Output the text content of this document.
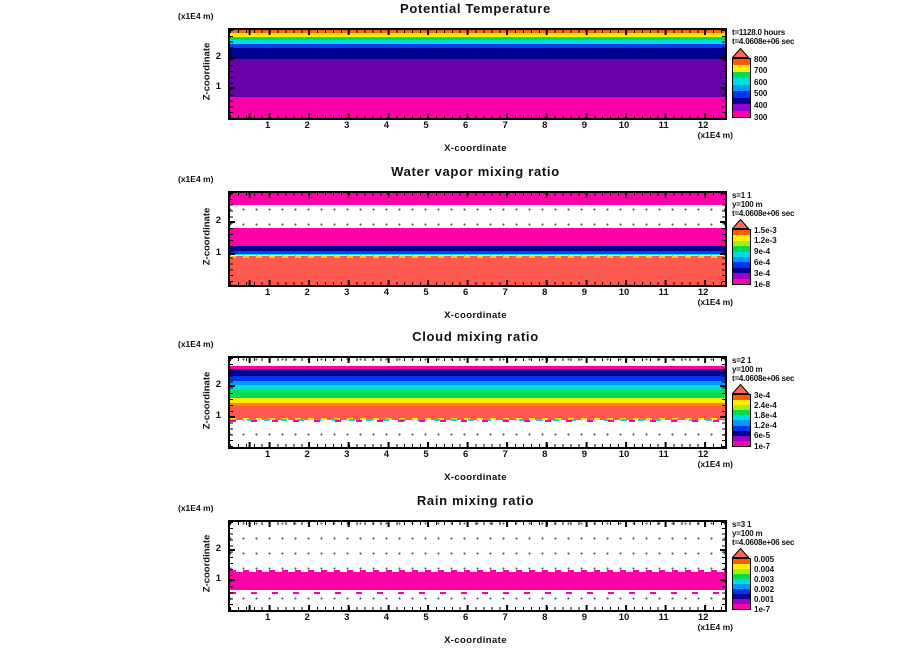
Potential Temperature
(x1E4 m)
Z-coordinate
(x1E4 m)
X-coordinate
t=1128.0 hours
t=4.0608e+06 sec
800
700
600
500
400
300
2
1
1	2	3	4	5	6	7	8	9	10	11	12
Water vapor mixing ratio
(x1E4 m)
Z-coordinate
(x1E4 m)
X-coordinate
s=1 1
y=100 m
t=4.0608e+06 sec
1.5e-3
1.2e-3
9e-4
6e-4
3e-4
1e-8
2
1
1	2	3	4	5	6	7	8	9	10	11	12
Cloud mixing ratio
(x1E4 m)
Z-coordinate
(x1E4 m)
X-coordinate
s=2 1
y=100 m
t=4.0608e+06 sec
3e-4
2.4e-4
1.8e-4
1.2e-4
6e-5
1e-7
2
1
1	2	3	4	5	6	7	8	9	10	11	12
Rain mixing ratio
(x1E4 m)
Z-coordinate
(x1E4 m)
X-coordinate
s=3 1
y=100 m
t=4.0608e+06 sec
0.005
0.004
0.003
0.002
0.001
1e-7
2
1
1	2	3	4	5	6	7	8	9	10	11	12
